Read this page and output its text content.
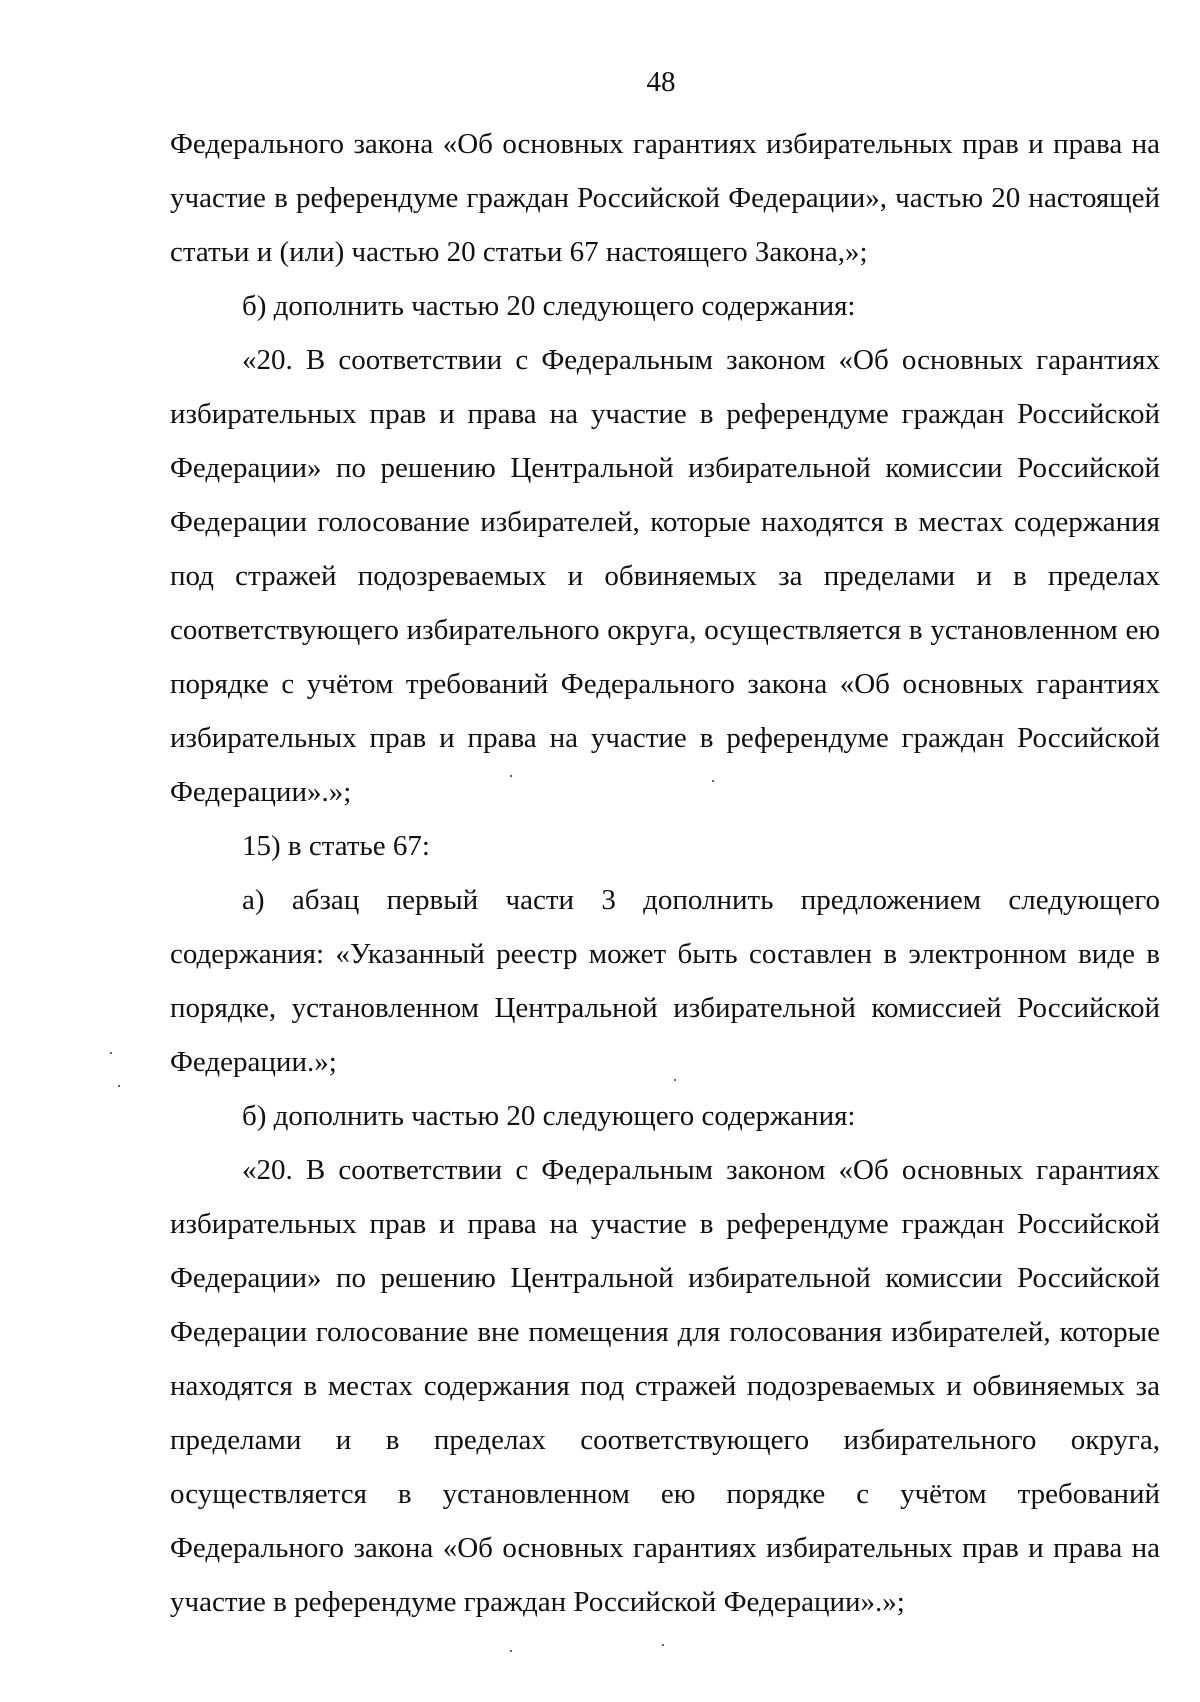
48

Федерального закона «Об основных гарантиях избирательных прав и права на участие в референдуме граждан Российской Федерации», частью 20 настоящей статьи и (или) частью 20 статьи 67 настоящего Закона,»;

б) дополнить частью 20 следующего содержания:

«20. В соответствии с Федеральным законом «Об основных гарантиях избирательных прав и права на участие в референдуме граждан Российской Федерации» по решению Центральной избирательной комиссии Российской Федерации голосование избирателей, которые находятся в местах содержания под стражей подозреваемых и обвиняемых за пределами и в пределах соответствующего избирательного округа, осуществляется в установленном ею порядке с учётом требований Федерального закона «Об основных гарантиях избирательных прав и права на участие в референдуме граждан Российской Федерации».»;

15) в статье 67:

а) абзац первый части 3 дополнить предложением следующего содержания: «Указанный реестр может быть составлен в электронном виде в порядке, установленном Центральной избирательной комиссией Российской Федерации.»;

б) дополнить частью 20 следующего содержания:

«20. В соответствии с Федеральным законом «Об основных гарантиях избирательных прав и права на участие в референдуме граждан Российской Федерации» по решению Центральной избирательной комиссии Российской Федерации голосование вне помещения для голосования избирателей, которые находятся в местах содержания под стражей подозреваемых и обвиняемых за пределами и в пределах соответствующего избирательного округа, осуществляется в установленном ею порядке с учётом требований Федерального закона «Об основных гарантиях избирательных прав и права на участие в референдуме граждан Российской Федерации».»;
